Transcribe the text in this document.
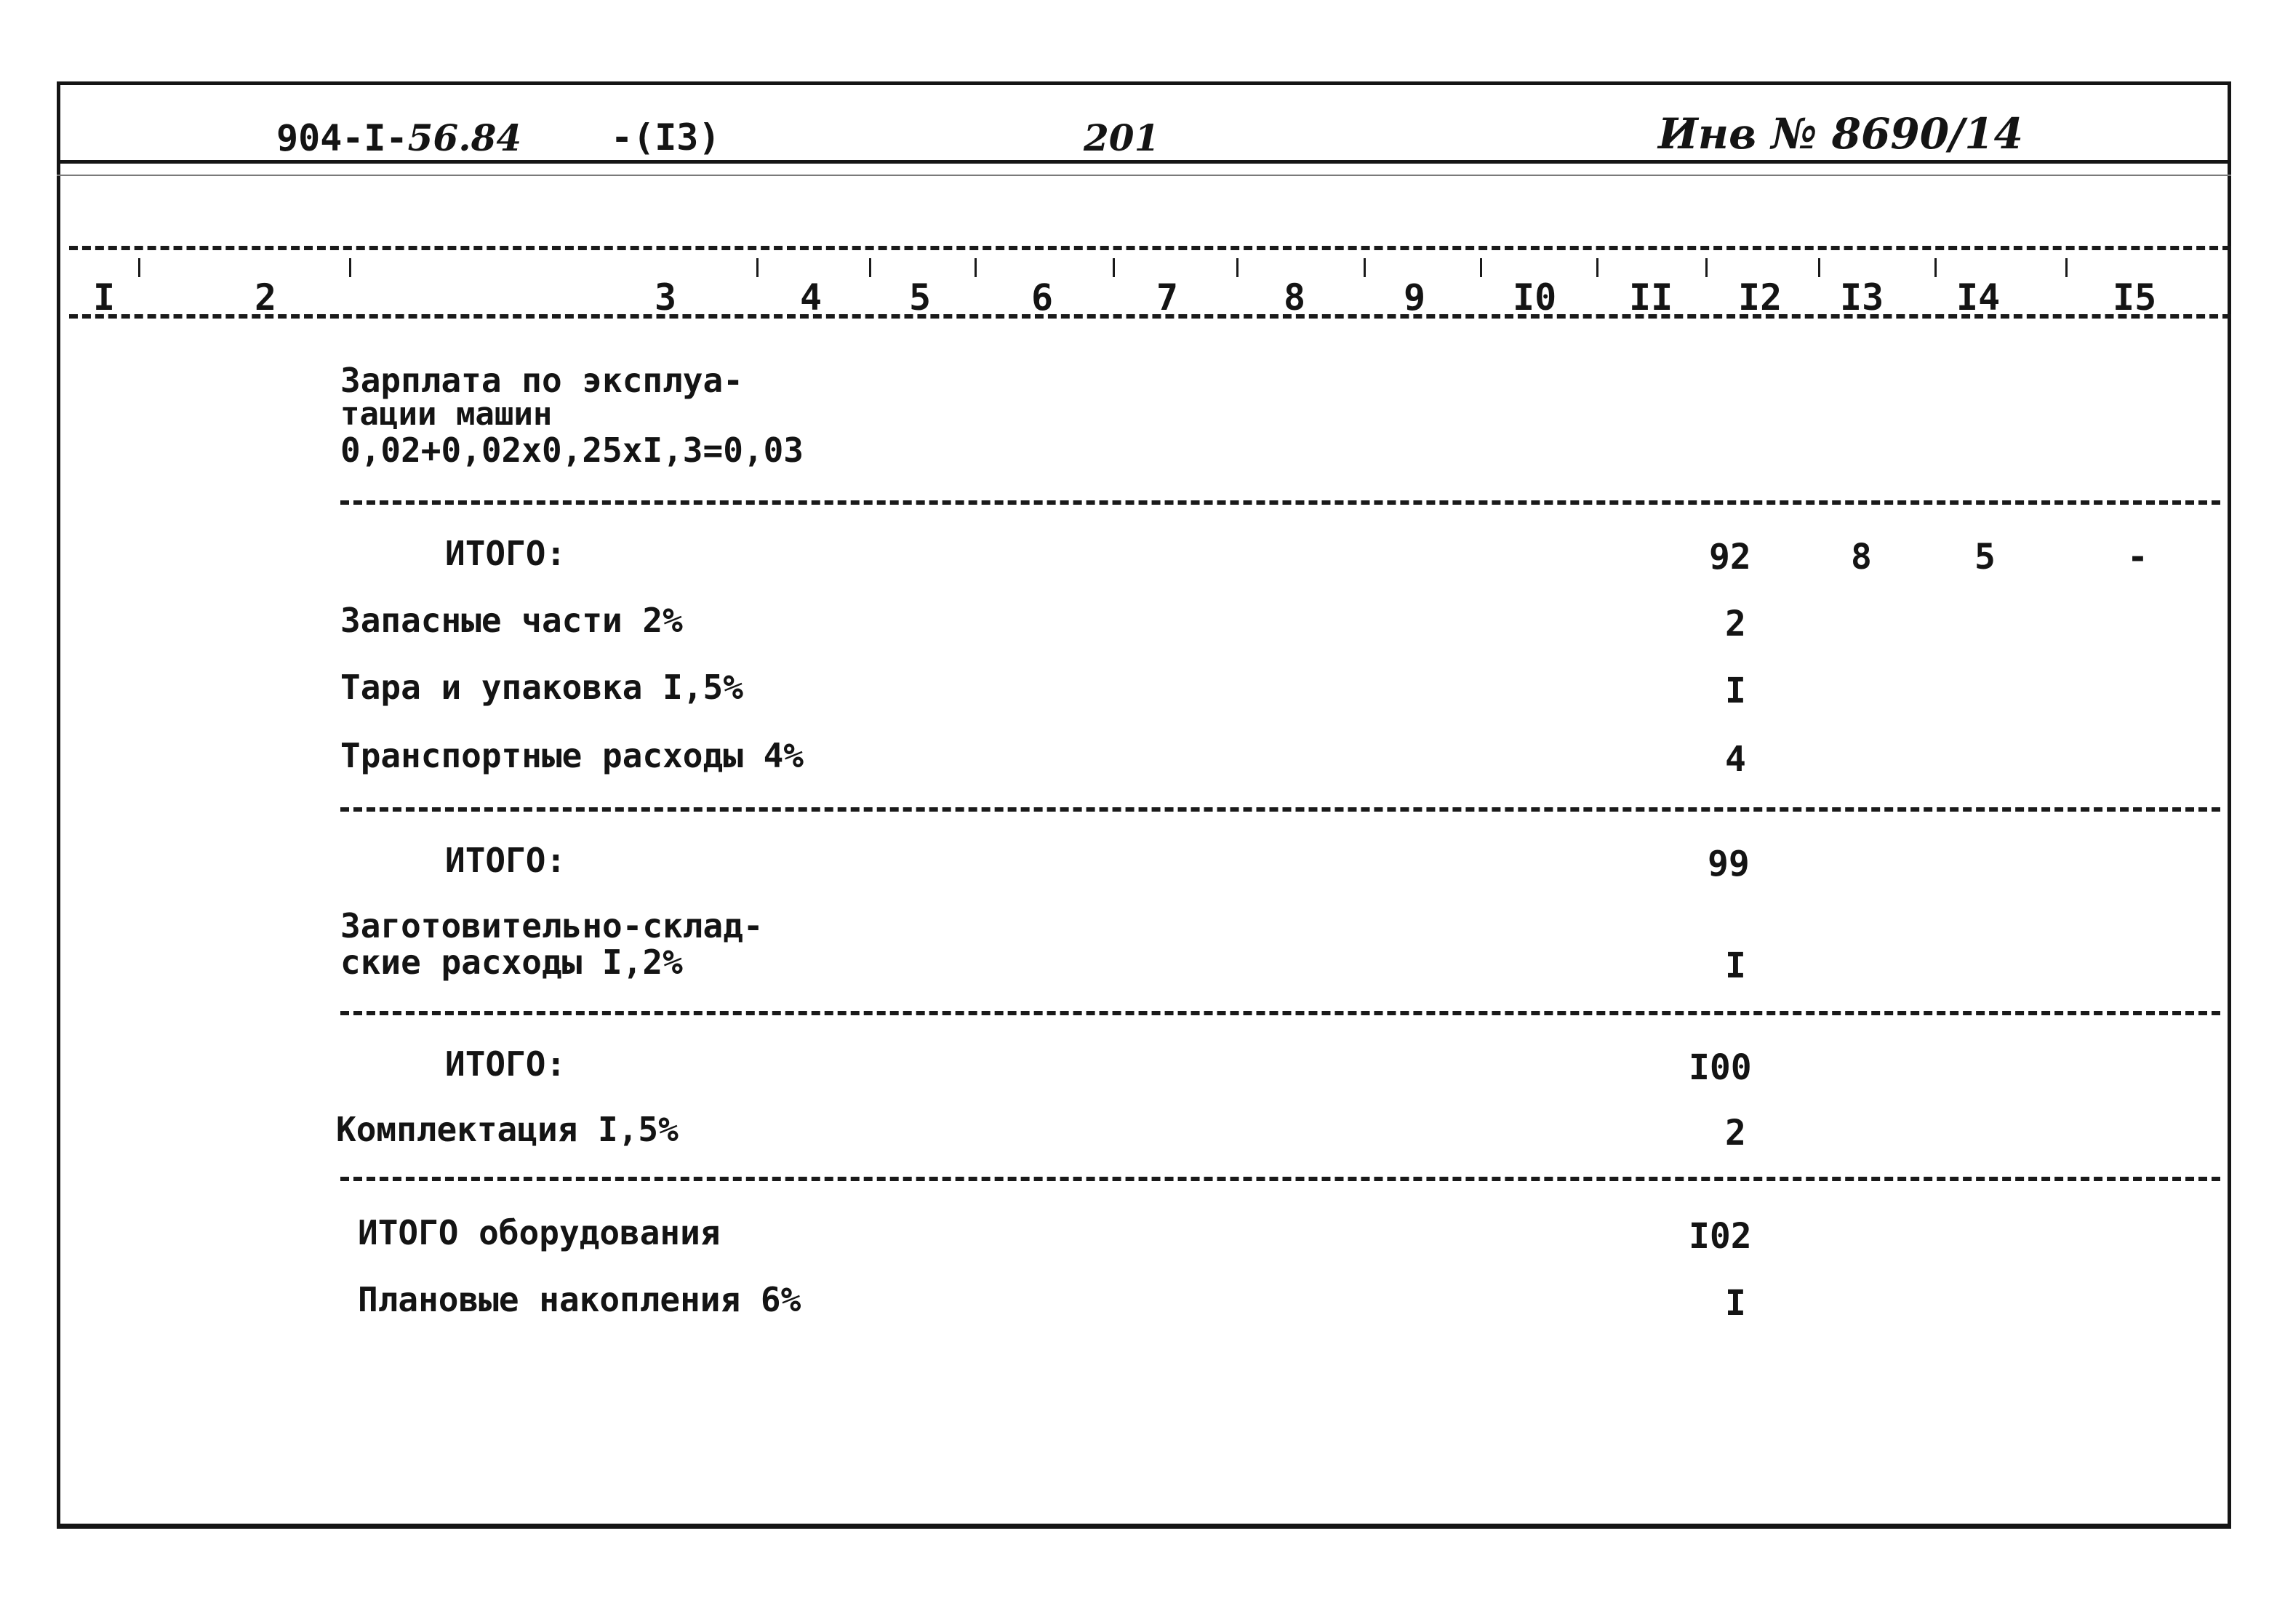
904-I-56.84 -(I3)	201	Инв № 8690/14
I	2	3	4 5	6	7	8	9 I0 II I2 I3 I4	I5
Зарплата по эксплуа-
тации машин
0,02+0,02х0,25хI,3=0,03
ИТОГО:	92	8	5	-
Запасные части 2%	2
Тара и упаковка I,5%	I
Транспортные расходы 4%	4
ИТОГО:	99
Заготовительно-склад-
ские расходы I,2%	I
ИТОГО:	I00
Комплектация I,5%	2
ИТОГО оборудования	I02
Плановые накопления 6%	I
